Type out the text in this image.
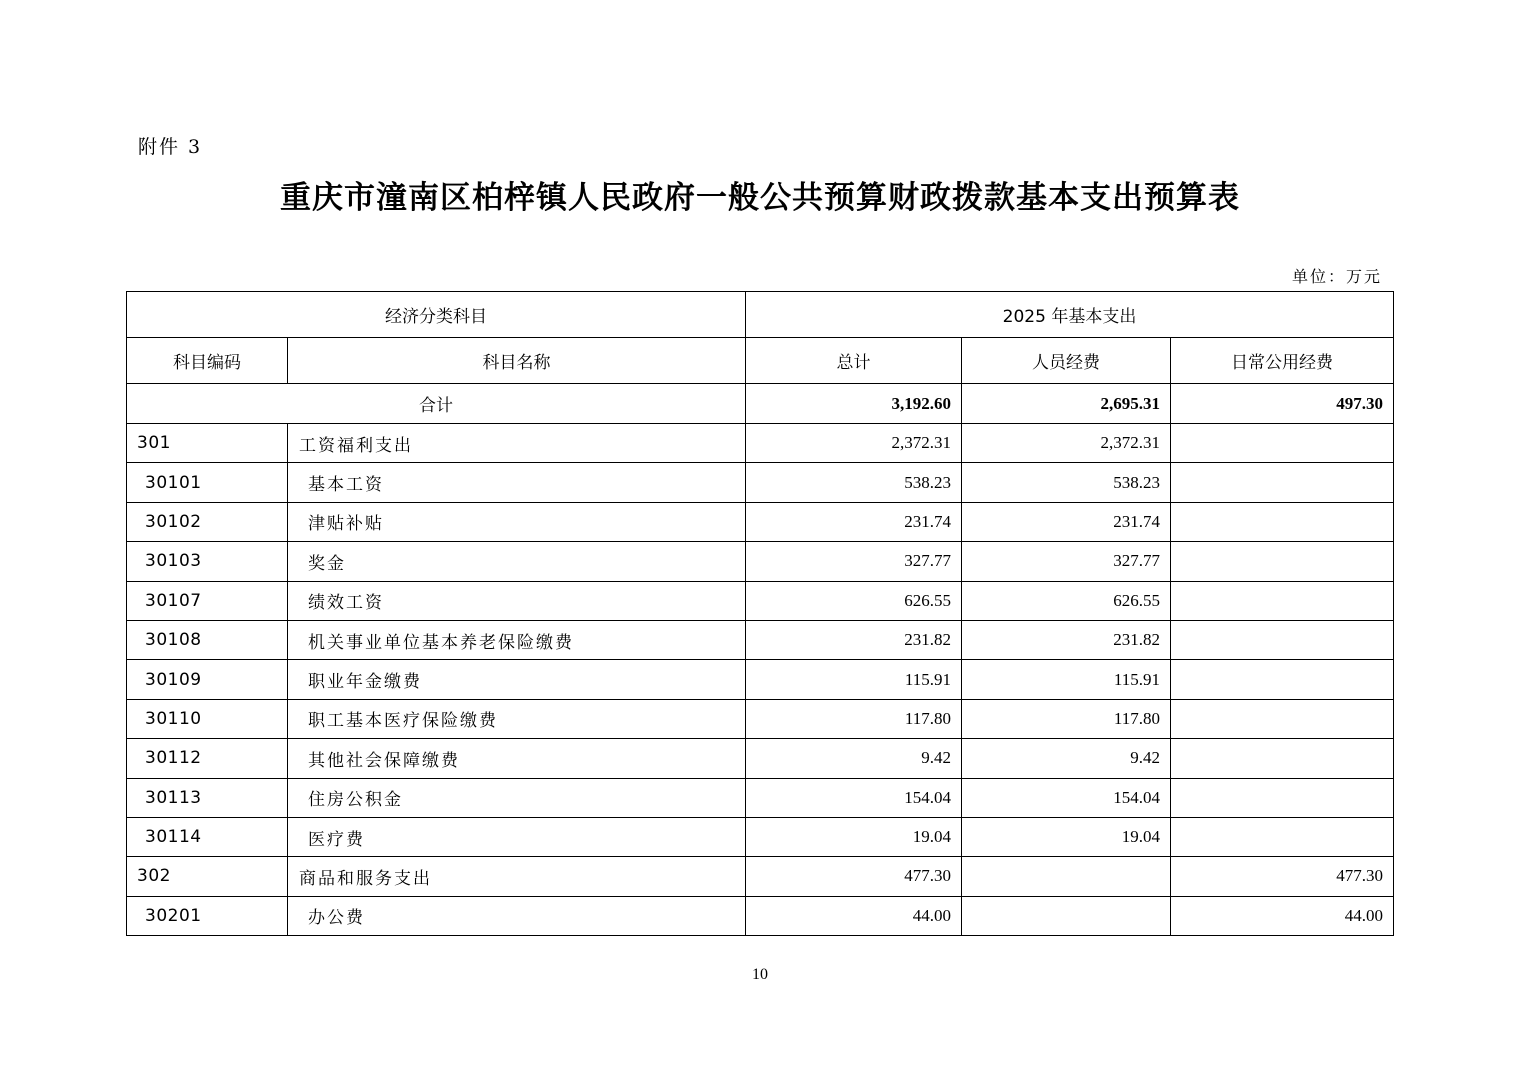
附件 3
重庆市潼南区柏梓镇人民政府一般公共预算财政拨款基本支出预算表
单位：万元
经济分类科目		2025 年基本支出		
科目编码	科目名称	总计	人员经费	日常公用经费
合计		3,192.60	2,695.31	497.30
301	工资福利支出	2,372.31	2,372.31	
30101	基本工资	538.23	538.23	
30102	津贴补贴	231.74	231.74	
30103	奖金	327.77	327.77	
30107	绩效工资	626.55	626.55	
30108	机关事业单位基本养老保险缴费	231.82	231.82	
30109	职业年金缴费	115.91	115.91	
30110	职工基本医疗保险缴费	117.80	117.80	
30112	其他社会保障缴费	9.42	9.42	
30113	住房公积金	154.04	154.04	
30114	医疗费	19.04	19.04	
302	商品和服务支出	477.30		477.30
30201	办公费	44.00		44.00
10
